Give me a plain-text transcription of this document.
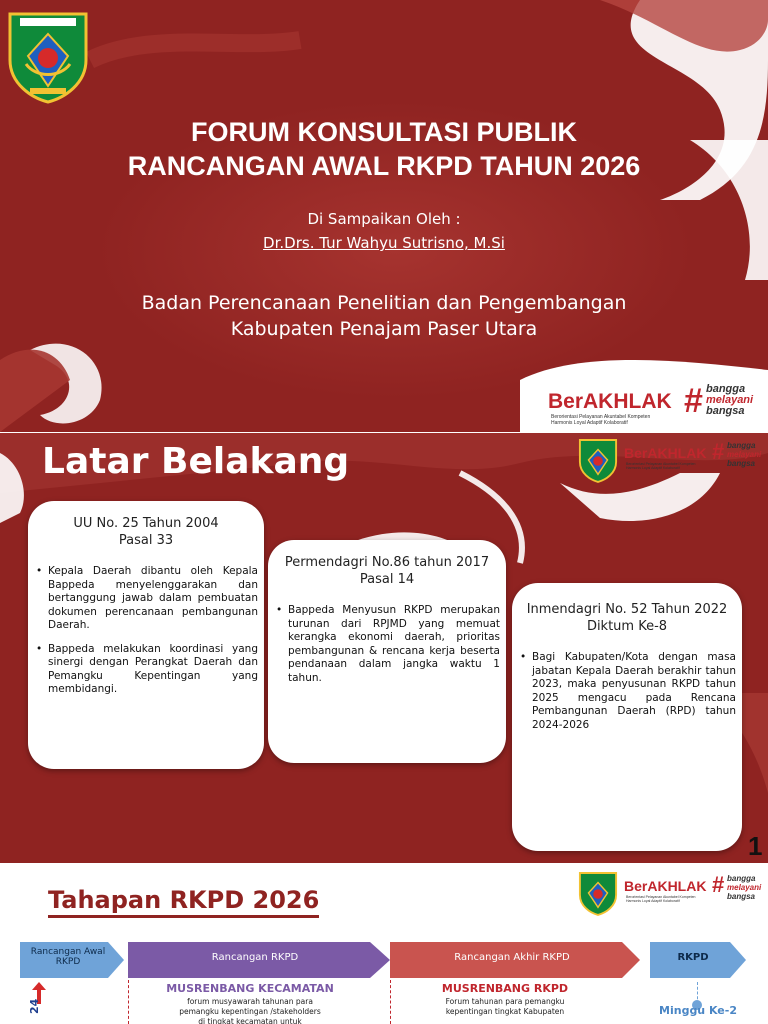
FORUM KONSULTASI PUBLIK
RANCANGAN AWAL RKPD TAHUN 2026
Di Sampaikan Oleh :
Dr.Drs. Tur Wahyu Sutrisno, M.Si
Badan Perencanaan Penelitian dan Pengembangan
Kabupaten Penajam Paser Utara
BerAKHLAK
Berorientasi Pelayanan Akuntabel Kompeten
Harmonis Loyal Adaptif Kolaboratif
# bangga
melayani
bangsa
Latar Belakang	BerAKHLAK
Berorientasi Pelayanan Akuntabel Kompeten
Harmonis Loyal Adaptif Kolaboratif
# bangga
melayani
bangsa
UU No. 25 Tahun 2004
Pasal 33
• Kepala Daerah dibantu oleh Kepala Bappeda menyelenggarakan dan bertanggung jawab dalam pembuatan dokumen perencanaan pembangunan Daerah.
• Bappeda melakukan koordinasi yang sinergi dengan Perangkat Daerah dan Pemangku Kepentingan yang membidangi.
Permendagri No.86 tahun 2017
Pasal 14
• Bappeda Menyusun RKPD merupakan turunan dari RPJMD yang memuat kerangka ekonomi daerah, prioritas pembangunan & rencana kerja beserta pendanaan dalam jangka waktu 1 tahun.
Inmendagri No. 52 Tahun 2022
Diktum Ke-8
• Bagi Kabupaten/Kota dengan masa jabatan Kepala Daerah berakhir tahun 2023, maka penyusunan RKPD tahun 2025 mengacu pada Rencana Pembangunan Daerah (RPD) tahun 2024-2026
1
Tahapan RKPD 2026	BerAKHLAK
Berorientasi Pelayanan Akuntabel Kompeten
Harmonis Loyal Adaptif Kolaboratif
# bangga
melayani
bangsa
Rancangan Awal RKPD	Rancangan RKPD	Rancangan Akhir RKPD	RKPD
24
MUSRENBANG KECAMATAN
forum musyawarah tahunan para
pemangku kepentingan /stakeholders
di tingkat kecamatan untuk
MUSRENBANG RKPD
Forum tahunan para pemangku
kepentingan tingkat Kabupaten	Minggu Ke-2
